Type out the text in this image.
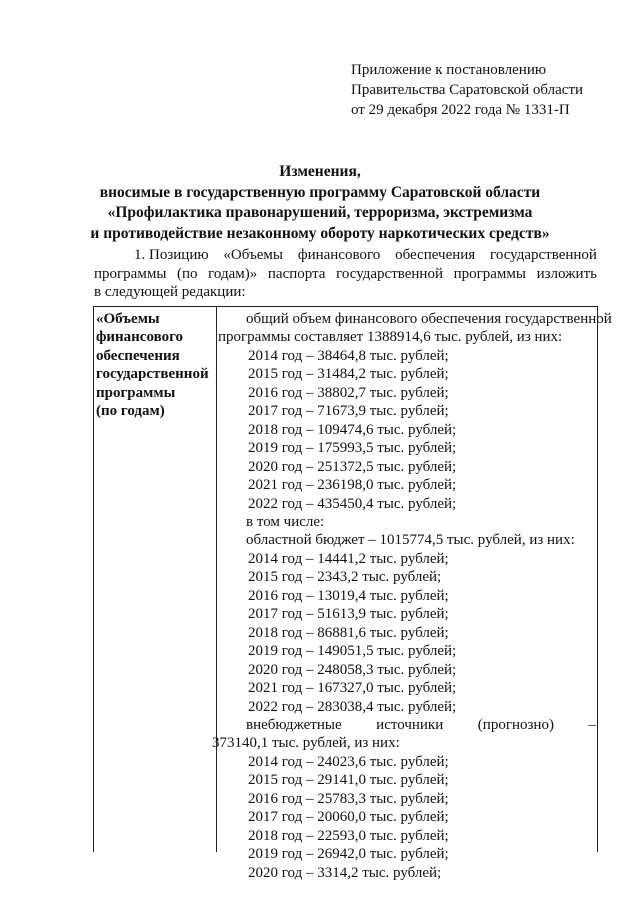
Приложение к постановлению
Правительства Саратовской области
от 29 декабря 2022 года № 1331-П
Изменения,
вносимые в государственную программу Саратовской области
«Профилактика правонарушений, терроризма, экстремизма
и противодействие незаконному обороту наркотических средств»
1. Позицию «Объемы финансового обеспечения государственной
программы (по годам)» паспорта государственной программы изложить
в следующей редакции:
«Объемы
финансового
обеспечения
государственной
программы
(по годам)
общий объем финансового обеспечения государственной
программы составляет 1388914,6 тыс. рублей, из них:
2014 год – 38464,8 тыс. рублей;
2015 год – 31484,2 тыс. рублей;
2016 год – 38802,7 тыс. рублей;
2017 год – 71673,9 тыс. рублей;
2018 год – 109474,6 тыс. рублей;
2019 год – 175993,5 тыс. рублей;
2020 год – 251372,5 тыс. рублей;
2021 год – 236198,0 тыс. рублей;
2022 год – 435450,4 тыс. рублей;
в том числе:
областной бюджет – 1015774,5 тыс. рублей, из них:
2014 год – 14441,2 тыс. рублей;
2015 год – 2343,2 тыс. рублей;
2016 год – 13019,4 тыс. рублей;
2017 год – 51613,9 тыс. рублей;
2018 год – 86881,6 тыс. рублей;
2019 год – 149051,5 тыс. рублей;
2020 год – 248058,3 тыс. рублей;
2021 год – 167327,0 тыс. рублей;
2022 год – 283038,4 тыс. рублей;
внебюджетные источники (прогнозно) –
373140,1 тыс. рублей, из них:
2014 год – 24023,6 тыс. рублей;
2015 год – 29141,0 тыс. рублей;
2016 год – 25783,3 тыс. рублей;
2017 год – 20060,0 тыс. рублей;
2018 год – 22593,0 тыс. рублей;
2019 год – 26942,0 тыс. рублей;
2020 год – 3314,2 тыс. рублей;
